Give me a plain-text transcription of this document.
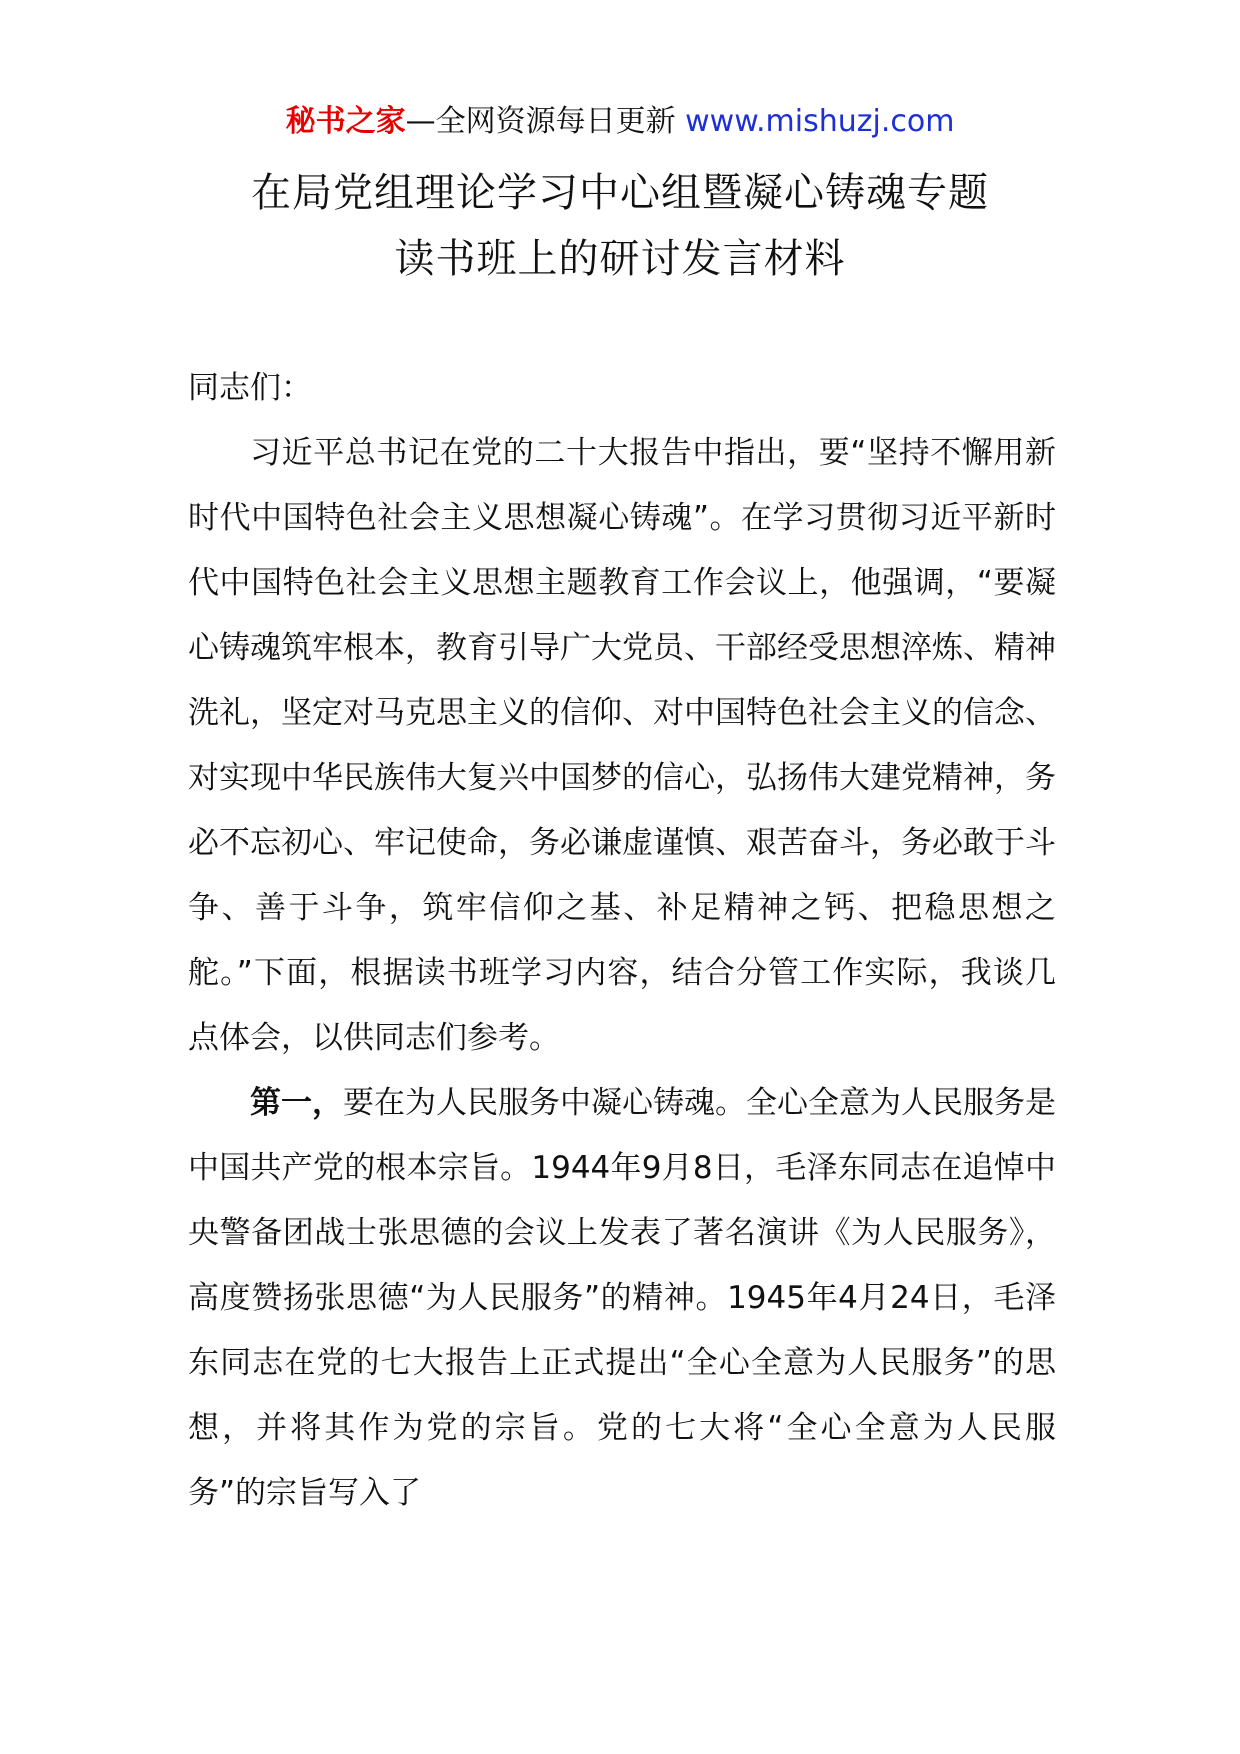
秘书之家—全网资源每日更新 www.mishuzj.com
在局党组理论学习中心组暨凝心铸魂专题
读书班上的研讨发言材料

同志们：

习近平总书记在党的二十大报告中指出，要“坚持不懈用新时代中国特色社会主义思想凝心铸魂”。在学习贯彻习近平新时代中国特色社会主义思想主题教育工作会议上，他强调，“要凝心铸魂筑牢根本，教育引导广大党员、干部经受思想淬炼、精神洗礼，坚定对马克思主义的信仰、对中国特色社会主义的信念、对实现中华民族伟大复兴中国梦的信心，弘扬伟大建党精神，务必不忘初心、牢记使命，务必谦虚谨慎、艰苦奋斗，务必敢于斗争、善于斗争，筑牢信仰之基、补足精神之钙、把稳思想之舵。”下面，根据读书班学习内容，结合分管工作实际，我谈几点体会，以供同志们参考。

第一，要在为人民服务中凝心铸魂。全心全意为人民服务是中国共产党的根本宗旨。1944年9月8日，毛泽东同志在追悼中央警备团战士张思德的会议上发表了著名演讲《为人民服务》，高度赞扬张思德“为人民服务”的精神。1945年4月24日，毛泽东同志在党的七大报告上正式提出“全心全意为人民服务”的思想，并将其作为党的宗旨。党的七大将“全心全意为人民服务”的宗旨写入了
